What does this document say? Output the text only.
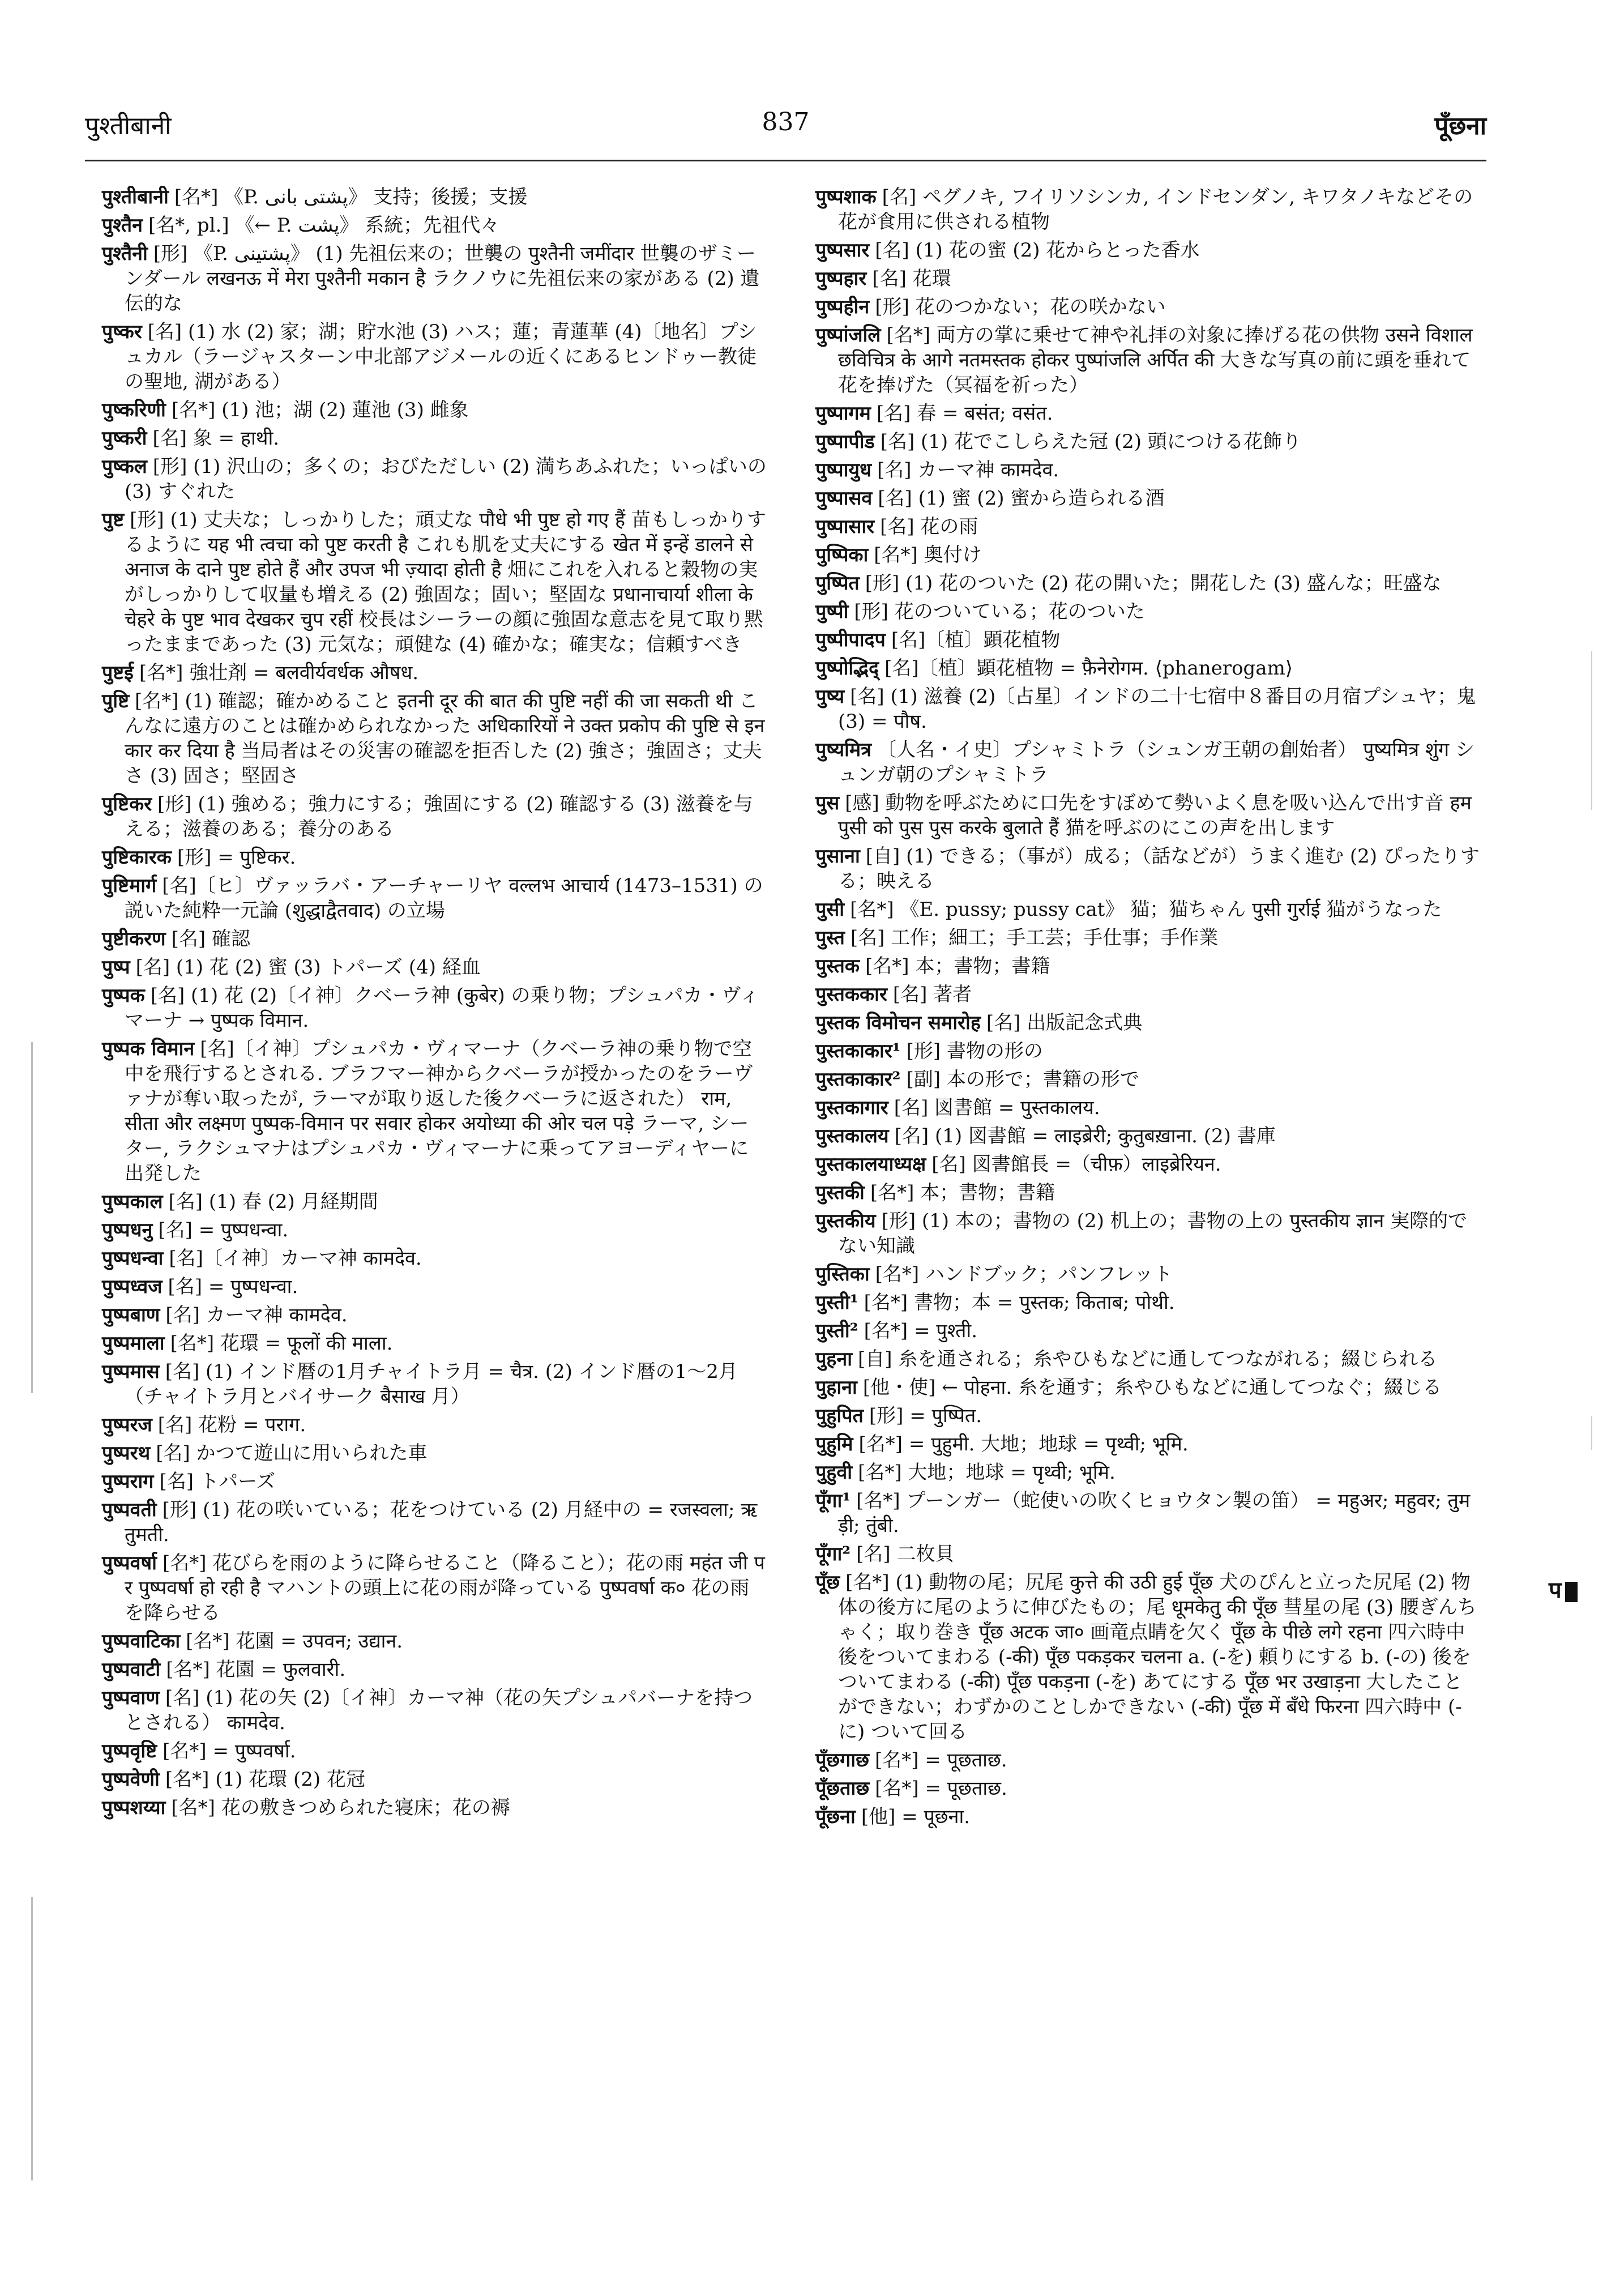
पुश्तीबानी	837	पूँछना

पुश्तीबानी [名*] 《P. پشتی بانی》 支持；後援；支援

पुश्तैन [名*, pl.] 《← P. پشت》 系統；先祖代々

पुश्तैनी [形] 《P. پشتینی》 (1) 先祖伝来の；世襲の पुश्तैनी जमींदार 世襲のザミーンダール लखनऊ में मेरा पुश्तैनी मकान है ラクノウに先祖伝来の家がある (2) 遺伝的な

पुष्कर [名] (1) 水 (2) 家；湖；貯水池 (3) ハス；蓮；青蓮華 (4)〔地名〕プシュカル（ラージャスターン中北部アジメールの近くにあるヒンドゥー教徒の聖地, 湖がある）

पुष्करिणी [名*] (1) 池；湖 (2) 蓮池 (3) 雌象

पुष्करी [名] 象 = हाथी.

पुष्कल [形] (1) 沢山の；多くの；おびただしい (2) 満ちあふれた；いっぱいの (3) すぐれた

पुष्ट [形] (1) 丈夫な；しっかりした；頑丈な पौधे भी पुष्ट हो गए हैं 苗もしっかりするように यह भी त्वचा को पुष्ट करती है これも肌を丈夫にする खेत में इन्हें डालने से अनाज के दाने पुष्ट होते हैं और उपज भी ज़्यादा होती है 畑にこれを入れると穀物の実がしっかりして収量も増える (2) 強固な；固い；堅固な प्रधानाचार्या शीला के चेहरे के पुष्ट भाव देखकर चुप रहीं 校長はシーラーの顔に強固な意志を見て取り黙ったままであった (3) 元気な；頑健な (4) 確かな；確実な；信頼すべき

पुष्टई [名*] 強壮剤 = बलवीर्यवर्धक औषध.

पुष्टि [名*] (1) 確認；確かめること इतनी दूर की बात की पुष्टि नहीं की जा सकती थी こんなに遠方のことは確かめられなかった अधिकारियों ने उक्त प्रकोप की पुष्टि से इनकार कर दिया है 当局者はその災害の確認を拒否した (2) 強さ；強固さ；丈夫さ (3) 固さ；堅固さ

पुष्टिकर [形] (1) 強める；強力にする；強固にする (2) 確認する (3) 滋養を与える；滋養のある；養分のある

पुष्टिकारक [形] = पुष्टिकर.

पुष्टिमार्ग [名]〔ヒ〕ヴァッラバ・アーチャーリヤ वल्लभ आचार्य (1473–1531) の説いた純粋一元論 (शुद्धाद्वैतवाद) の立場

पुष्टीकरण [名] 確認

पुष्प [名] (1) 花 (2) 蜜 (3) トパーズ (4) 経血

पुष्पक [名] (1) 花 (2)〔イ神〕クベーラ神 (कुबेर) の乗り物；プシュパカ・ヴィマーナ → पुष्पक विमान.

पुष्पक विमान [名]〔イ神〕プシュパカ・ヴィマーナ（クベーラ神の乗り物で空中を飛行するとされる. ブラフマー神からクベーラが授かったのをラーヴァナが奪い取ったが, ラーマが取り返した後クベーラに返された） राम, सीता और लक्ष्मण पुष्पक-विमान पर सवार होकर अयोध्या की ओर चल पड़े ラーマ, シーター, ラクシュマナはプシュパカ・ヴィマーナに乗ってアヨーディヤーに出発した

पुष्पकाल [名] (1) 春 (2) 月経期間

पुष्पधनु [名] = पुष्पधन्वा.

पुष्पधन्वा [名]〔イ神〕カーマ神 कामदेव.

पुष्पध्वज [名] = पुष्पधन्वा.

पुष्पबाण [名] カーマ神 कामदेव.

पुष्पमाला [名*] 花環 = फूलों की माला.

पुष्पमास [名] (1) インド暦の1月チャイトラ月 = चैत्र. (2) インド暦の1〜2月（チャイトラ月とバイサーク बैसाख 月）

पुष्परज [名] 花粉 = पराग.

पुष्परथ [名] かつて遊山に用いられた車

पुष्पराग [名] トパーズ

पुष्पवती [形] (1) 花の咲いている；花をつけている (2) 月経中の = रजस्वला; ऋतुमती.

पुष्पवर्षा [名*] 花びらを雨のように降らせること（降ること）；花の雨 महंत जी पर पुष्पवर्षा हो रही है マハントの頭上に花の雨が降っている पुष्पवर्षा क० 花の雨を降らせる

पुष्पवाटिका [名*] 花園 = उपवन; उद्यान.

पुष्पवाटी [名*] 花園 = फुलवारी.

पुष्पवाण [名] (1) 花の矢 (2)〔イ神〕カーマ神（花の矢プシュパバーナを持つとされる） कामदेव.

पुष्पवृष्टि [名*] = पुष्पवर्षा.

पुष्पवेणी [名*] (1) 花環 (2) 花冠

पुष्पशय्या [名*] 花の敷きつめられた寝床；花の褥

पुष्पशाक [名] ペグノキ, フイリソシンカ, インドセンダン, キワタノキなどその花が食用に供される植物

पुष्पसार [名] (1) 花の蜜 (2) 花からとった香水

पुष्पहार [名] 花環

पुष्पहीन [形] 花のつかない；花の咲かない

पुष्पांजलि [名*] 両方の掌に乗せて神や礼拝の対象に捧げる花の供物 उसने विशाल छविचित्र के आगे नतमस्तक होकर पुष्पांजलि अर्पित की 大きな写真の前に頭を垂れて花を捧げた（冥福を祈った）

पुष्पागम [名] 春 = बसंत; वसंत.

पुष्पापीड [名] (1) 花でこしらえた冠 (2) 頭につける花飾り

पुष्पायुध [名] カーマ神 कामदेव.

पुष्पासव [名] (1) 蜜 (2) 蜜から造られる酒

पुष्पासार [名] 花の雨

पुष्पिका [名*] 奥付け

पुष्पित [形] (1) 花のついた (2) 花の開いた；開花した (3) 盛んな；旺盛な

पुष्पी [形] 花のついている；花のついた

पुष्पीपादप [名]〔植〕顕花植物

पुष्पोद्भिद् [名]〔植〕顕花植物 = फ़ैनेरोगम. ⟨phanerogam⟩

पुष्य [名] (1) 滋養 (2)〔占星〕インドの二十七宿中８番目の月宿プシュヤ；鬼 (3) = पौष.

पुष्यमित्र 〔人名・イ史〕プシャミトラ（シュンガ王朝の創始者） पुष्यमित्र शुंग シュンガ朝のプシャミトラ

पुस [感] 動物を呼ぶために口先をすぼめて勢いよく息を吸い込んで出す音 हम पुसी को पुस पुस करके बुलाते हैं 猫を呼ぶのにこの声を出します

पुसाना [自] (1) できる；（事が）成る；（話などが）うまく進む (2) ぴったりする；映える

पुसी [名*] 《E. pussy; pussy cat》 猫；猫ちゃん पुसी गुर्राई 猫がうなった

पुस्त [名] 工作；細工；手工芸；手仕事；手作業

पुस्तक [名*] 本；書物；書籍

पुस्तककार [名] 著者

पुस्तक विमोचन समारोह [名] 出版記念式典

पुस्तकाकार¹ [形] 書物の形の

पुस्तकाकार² [副] 本の形で；書籍の形で

पुस्तकागार [名] 図書館 = पुस्तकालय.

पुस्तकालय [名] (1) 図書館 = लाइब्रेरी; कुतुबख़ाना. (2) 書庫

पुस्तकालयाध्यक्ष [名] 図書館長 =（चीफ़）लाइब्रेरियन.

पुस्तकी [名*] 本；書物；書籍

पुस्तकीय [形] (1) 本の；書物の (2) 机上の；書物の上の पुस्तकीय ज्ञान 実際的でない知識

पुस्तिका [名*] ハンドブック；パンフレット

पुस्ती¹ [名*] 書物；本 = पुस्तक; किताब; पोथी.

पुस्ती² [名*] = पुश्ती.

पुहना [自] 糸を通される；糸やひもなどに通してつながれる；綴じられる

पुहाना [他・使] ← पोहना. 糸を通す；糸やひもなどに通してつなぐ；綴じる

पुहुपित [形] = पुष्पित.

पुहुमि [名*] = पुहुमी. 大地；地球 = पृथ्वी; भूमि.

पुहुवी [名*] 大地；地球 = पृथ्वी; भूमि.

पूँगा¹ [名*] プーンガー（蛇使いの吹くヒョウタン製の笛） = महुअर; महुवर; तुमड़ी; तुंबी.

पूँगा² [名] 二枚貝

पूँछ [名*] (1) 動物の尾；尻尾 कुत्ते की उठी हुई पूँछ 犬のぴんと立った尻尾 (2) 物体の後方に尾のように伸びたもの；尾 धूमकेतु की पूँछ 彗星の尾 (3) 腰ぎんちゃく；取り巻き पूँछ अटक जा० 画竜点睛を欠く पूँछ के पीछे लगे रहना 四六時中後をついてまわる (-की) पूँछ पकड़कर चलना a. (-を) 頼りにする b. (-の) 後をついてまわる (-की) पूँछ पकड़ना (-を) あてにする पूँछ भर उखाड़ना 大したことができない；わずかのことしかできない (-की) पूँछ में बँधे फिरना 四六時中 (-に) ついて回る

पूँछगाछ [名*] = पूछताछ.

पूँछताछ [名*] = पूछताछ.

पूँछना [他] = पूछना.

प
